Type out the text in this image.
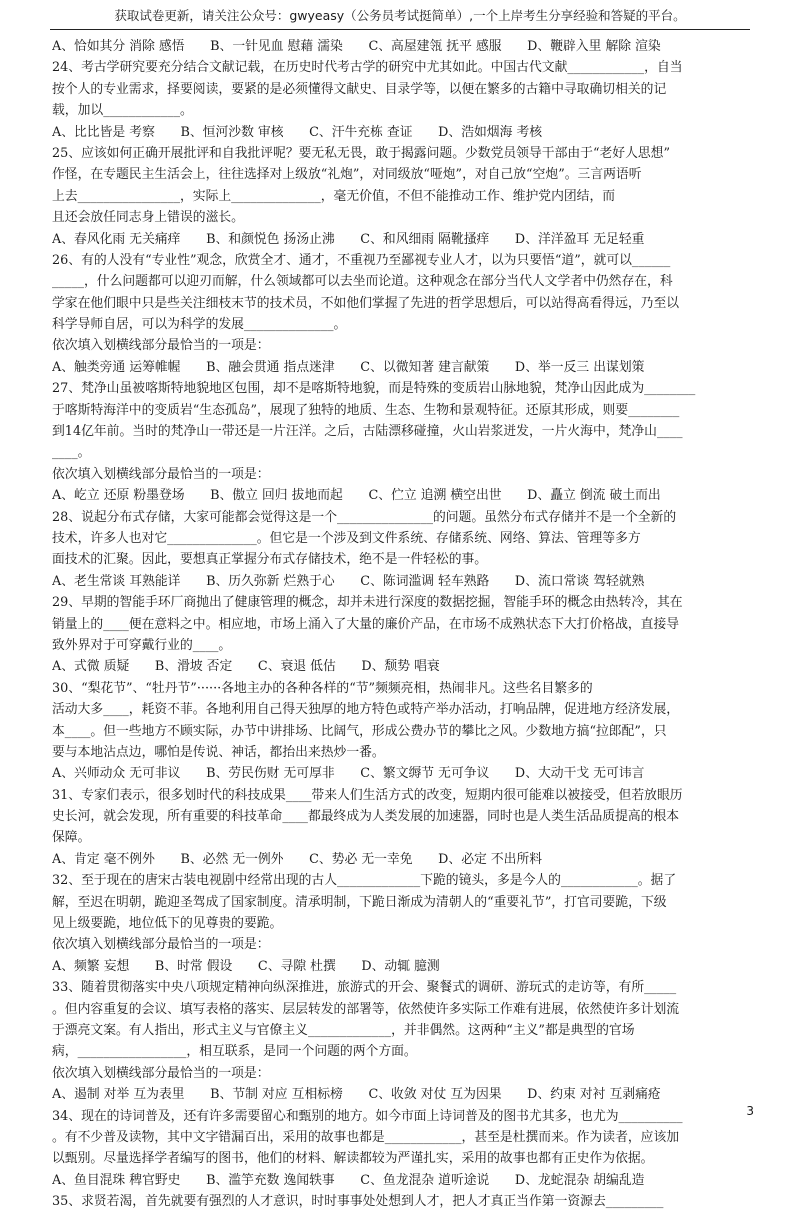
获取试卷更新，请关注公众号：gwyeasy（公务员考试挺简单）,一个上岸考生分享经验和答疑的平台。
A、恰如其分 消除 感悟  B、一针见血 慰藉 濡染  C、高屋建瓴 抚平 感服  D、鞭辟入里 解除 渲染
24、考古学研究要充分结合文献记载，在历史时代考古学的研究中尤其如此。中国古代文献____________，自当
按个人的专业需求，择要阅读，要紧的是必须懂得文献史、目录学等，以便在繁多的古籍中寻取确切相关的记
载，加以____________。
A、比比皆是 考察  B、恒河沙数 审核  C、汗牛充栋 查证  D、浩如烟海 考核
25、应该如何正确开展批评和自我批评呢？要无私无畏，敢于揭露问题。少数党员领导干部由于“老好人思想”
作怪，在专题民主生活会上，往往选择对上级放“礼炮”，对同级放“哑炮”，对自己放“空炮”。三言两语听
上去________________，实际上______________，毫无价值，不但不能推动工作、维护党内团结，而
且还会放任同志身上错误的滋长。
A、春风化雨 无关痛痒  B、和颜悦色 扬汤止沸  C、和风细雨 隔靴搔痒  D、洋洋盈耳 无足轻重
26、有的人没有“专业性”观念，欣赏全才、通才，不重视乃至鄙视专业人才，以为只要悟“道”，就可以______
_____，什么问题都可以迎刃而解，什么领域都可以去坐而论道。这种观念在部分当代人文学者中仍然存在，科
学家在他们眼中只是些关注细枝末节的技术员，不如他们掌握了先进的哲学思想后，可以站得高看得远，乃至以
科学导师自居，可以为科学的发展______________。
依次填入划横线部分最恰当的一项是：
A、触类旁通 运筹帷幄  B、融会贯通 指点迷津  C、以微知著 建言献策  D、举一反三 出谋划策
27、梵净山虽被喀斯特地貌地区包围，却不是喀斯特地貌，而是特殊的变质岩山脉地貌，梵净山因此成为________
于喀斯特海洋中的变质岩“生态孤岛”，展现了独特的地质、生态、生物和景观特征。还原其形成，则要________
到14亿年前。当时的梵净山一带还是一片汪洋。之后，古陆漂移碰撞，火山岩浆迸发，一片火海中，梵净山____
____。
依次填入划横线部分最恰当的一项是：
A、屹立 还原 粉墨登场  B、傲立 回归 拔地而起  C、伫立 追溯 横空出世  D、矗立 倒流 破土而出
28、说起分布式存储，大家可能都会觉得这是一个_______________的问题。虽然分布式存储并不是一个全新的
技术，许多人也对它______________。但它是一个涉及到文件系统、存储系统、网络、算法、管理等多方
面技术的汇聚。因此，要想真正掌握分布式存储技术，绝不是一件轻松的事。
A、老生常谈 耳熟能详  B、历久弥新 烂熟于心  C、陈词滥调 轻车熟路  D、流口常谈 驾轻就熟
29、早期的智能手环厂商抛出了健康管理的概念，却并未进行深度的数据挖掘，智能手环的概念由热转冷，其在
销量上的____便在意料之中。相应地，市场上涌入了大量的廉价产品，在市场不成熟状态下大打价格战，直接导
致外界对于可穿戴行业的____。
A、式微 质疑  B、滑坡 否定  C、衰退 低估  D、颓势 唱衰
30、“梨花节”、“牡丹节”······各地主办的各种各样的“节”频频亮相，热闹非凡。这些名目繁多的
活动大多____，耗资不菲。各地利用自己得天独厚的地方特色或特产举办活动，打响品牌，促进地方经济发展，
本____。但一些地方不顾实际，办节中讲排场、比阔气，形成公费办节的攀比之风。少数地方搞“拉郎配”，只
要与本地沾点边，哪怕是传说、神话，都抬出来热炒一番。
A、兴师动众 无可非议  B、劳民伤财 无可厚非  C、繁文缛节 无可争议  D、大动干戈 无可讳言
31、专家们表示，很多划时代的科技成果____带来人们生活方式的改变，短期内很可能难以被接受，但若放眼历
史长河，就会发现，所有重要的科技革命____都最终成为人类发展的加速器，同时也是人类生活品质提高的根本
保障。
A、肯定 毫不例外  B、必然 无一例外  C、势必 无一幸免  D、必定 不出所料
32、至于现在的唐宋古装电视剧中经常出现的古人_____________下跪的镜头，多是今人的____________。据了
解，至迟在明朝，跪迎圣驾成了国家制度。清承明制，下跪日渐成为清朝人的“重要礼节”，打官司要跪，下级
见上级要跪，地位低下的见尊贵的要跪。
依次填入划横线部分最恰当的一项是：
A、频繁 妄想  B、时常 假设  C、寻隙 杜撰  D、动辄 臆测
33、随着贯彻落实中央八项规定精神向纵深推进，旅游式的开会、聚餐式的调研、游玩式的走访等，有所_____
。但内容重复的会议、填写表格的落实、层层转发的部署等，依然使许多实际工作难有进展，依然使许多计划流
于漂亮文案。有人指出，形式主义与官僚主义_____________，并非偶然。这两种“主义”都是典型的官场
病，_________________，相互联系，是同一个问题的两个方面。
依次填入划横线部分最恰当的一项是：
A、遏制 对举 互为表里  B、节制 对应 互相标榜  C、收敛 对仗 互为因果  D、约束 对衬 互剥痛疮
34、现在的诗词普及，还有许多需要留心和甄别的地方。如今市面上诗词普及的图书尤其多，也尤为__________
。有不少普及读物，其中文字错漏百出，采用的故事也都是____________，甚至是杜撰而来。作为读者，应该加
以甄别。尽量选择学者编写的图书，他们的材料、解读都较为严谨扎实，采用的故事也都有正史作为依据。
A、鱼目混珠 稗官野史  B、滥竽充数 逸闻轶事  C、鱼龙混杂 道听途说  D、龙蛇混杂 胡编乱造
35、求贤若渴，首先就要有强烈的人才意识，时时事事处处想到人才，把人才真正当作第一资源去_________
3
